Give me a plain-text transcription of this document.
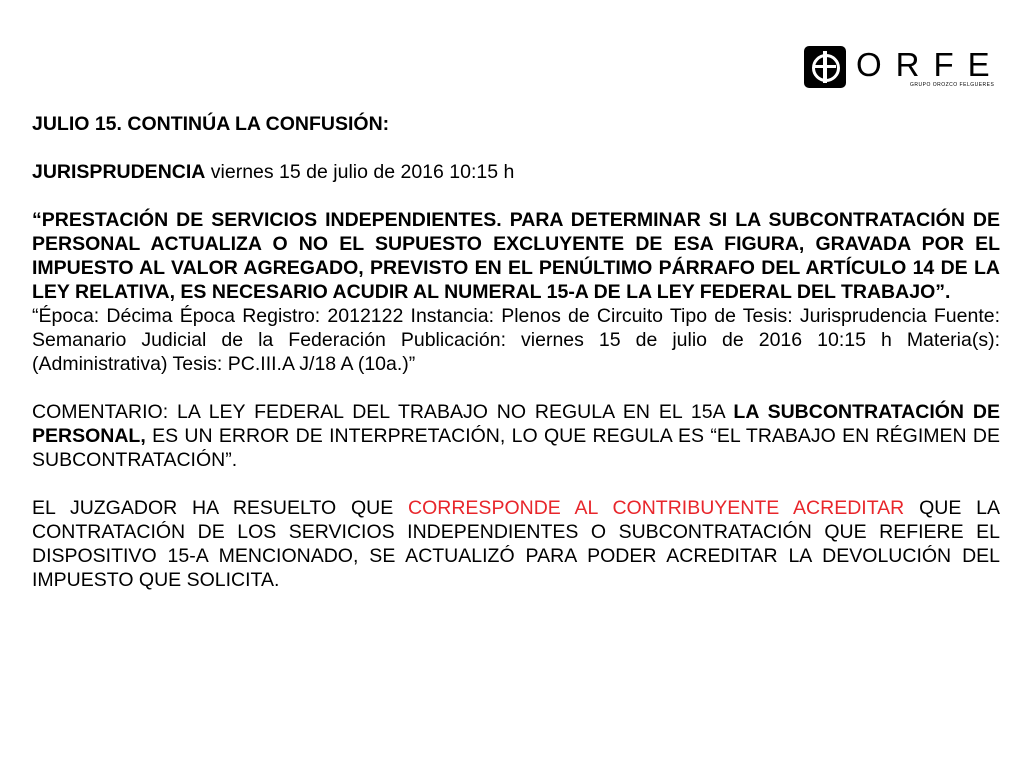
ORFE
GRUPO OROZCO FELGUERES

JULIO 15. CONTINÚA LA CONFUSIÓN:

JURISPRUDENCIA viernes 15 de julio de 2016 10:15 h

“PRESTACIÓN DE SERVICIOS INDEPENDIENTES. PARA DETERMINAR SI LA SUBCONTRATACIÓN DE PERSONAL ACTUALIZA O NO EL SUPUESTO EXCLUYENTE DE ESA FIGURA, GRAVADA POR EL IMPUESTO AL VALOR AGREGADO, PREVISTO EN EL PENÚLTIMO PÁRRAFO DEL ARTÍCULO 14 DE LA LEY RELATIVA, ES NECESARIO ACUDIR AL NUMERAL 15-A DE LA LEY FEDERAL DEL TRABAJO”.

“Época: Décima Época Registro: 2012122 Instancia: Plenos de Circuito Tipo de Tesis: Jurisprudencia Fuente: Semanario Judicial de la Federación Publicación: viernes 15 de julio de 2016 10:15 h Materia(s): (Administrativa) Tesis: PC.III.A J/18 A (10a.)”

COMENTARIO: LA LEY FEDERAL DEL TRABAJO NO REGULA EN EL 15A LA SUBCONTRATACIÓN DE PERSONAL, ES UN ERROR DE INTERPRETACIÓN, LO QUE REGULA ES “EL TRABAJO EN RÉGIMEN DE SUBCONTRATACIÓN”.

EL JUZGADOR HA RESUELTO QUE CORRESPONDE AL CONTRIBUYENTE ACREDITAR QUE LA CONTRATACIÓN DE LOS SERVICIOS INDEPENDIENTES O SUBCONTRATACIÓN QUE REFIERE EL DISPOSITIVO 15-A MENCIONADO, SE ACTUALIZÓ PARA PODER ACREDITAR LA DEVOLUCIÓN DEL IMPUESTO QUE SOLICITA.
